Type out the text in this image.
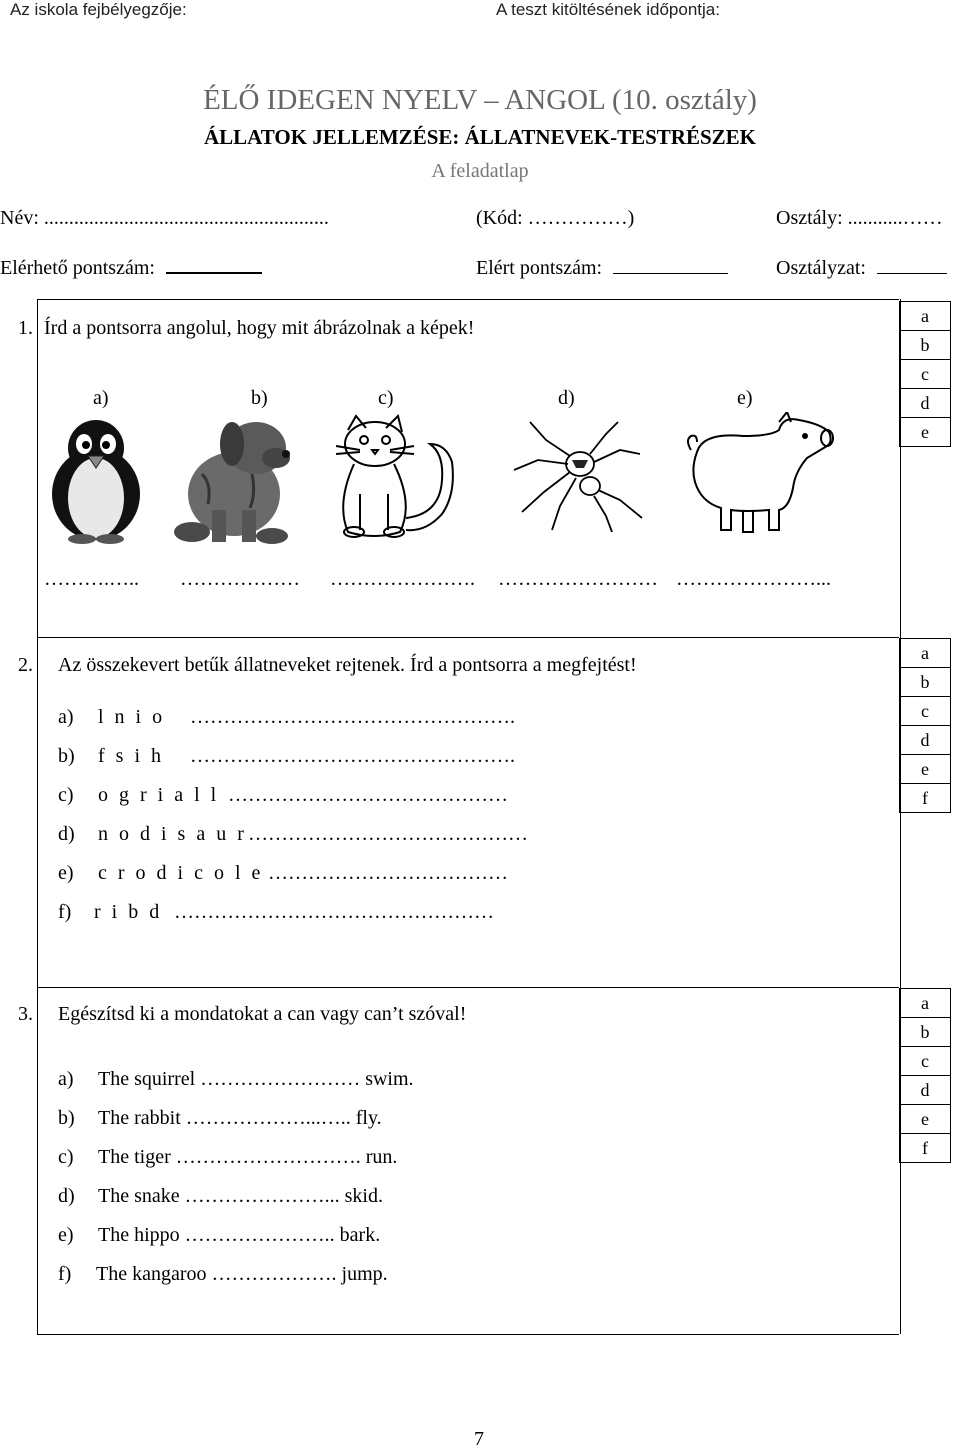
Az iskola fejbélyegzője:	A teszt kitöltésének időpontja:
ÉLŐ IDEGEN NYELV – ANGOL (10. osztály)
ÁLLATOK JELLEMZÉSE: ÁLLATNEVEK-TESTRÉSZEK
A feladatlap
Név: .........................................................	(Kód: ……………)	Osztály: ...........……
Elérhető pontszám:	Elért pontszám:	Osztályzat:
a
b
c
d
e
1. Írd a pontsorra angolul, hogy mit ábrázolnak a képek!
a)	b)	c)	d)	e)
……….….. ……………… …………………. …………………… …………………...
a
b
c
d
e
f
2. Az összekevert betűk állatneveket rejtenek. Írd a pontsorra a megfejtést!
a) l n i o ………………………………………….
b) f s i h ………………………………………….
c) o g r i a l l ……………………………………
d) n o d i s a u r……………………………………
e) c r o d i c o l e ………………………………
f) r i b d …………………………………………
a
b
c
d
e
f
3. Egészítsd ki a mondatokat a can vagy can’t szóval!
a) The squirrel …………………… swim.
b) The rabbit ………………...….. fly.
c) The tiger ………………………. run.
d) The snake …………………... skid.
e) The hippo ………………….. bark.
f) The kangaroo ………………. jump.
7
